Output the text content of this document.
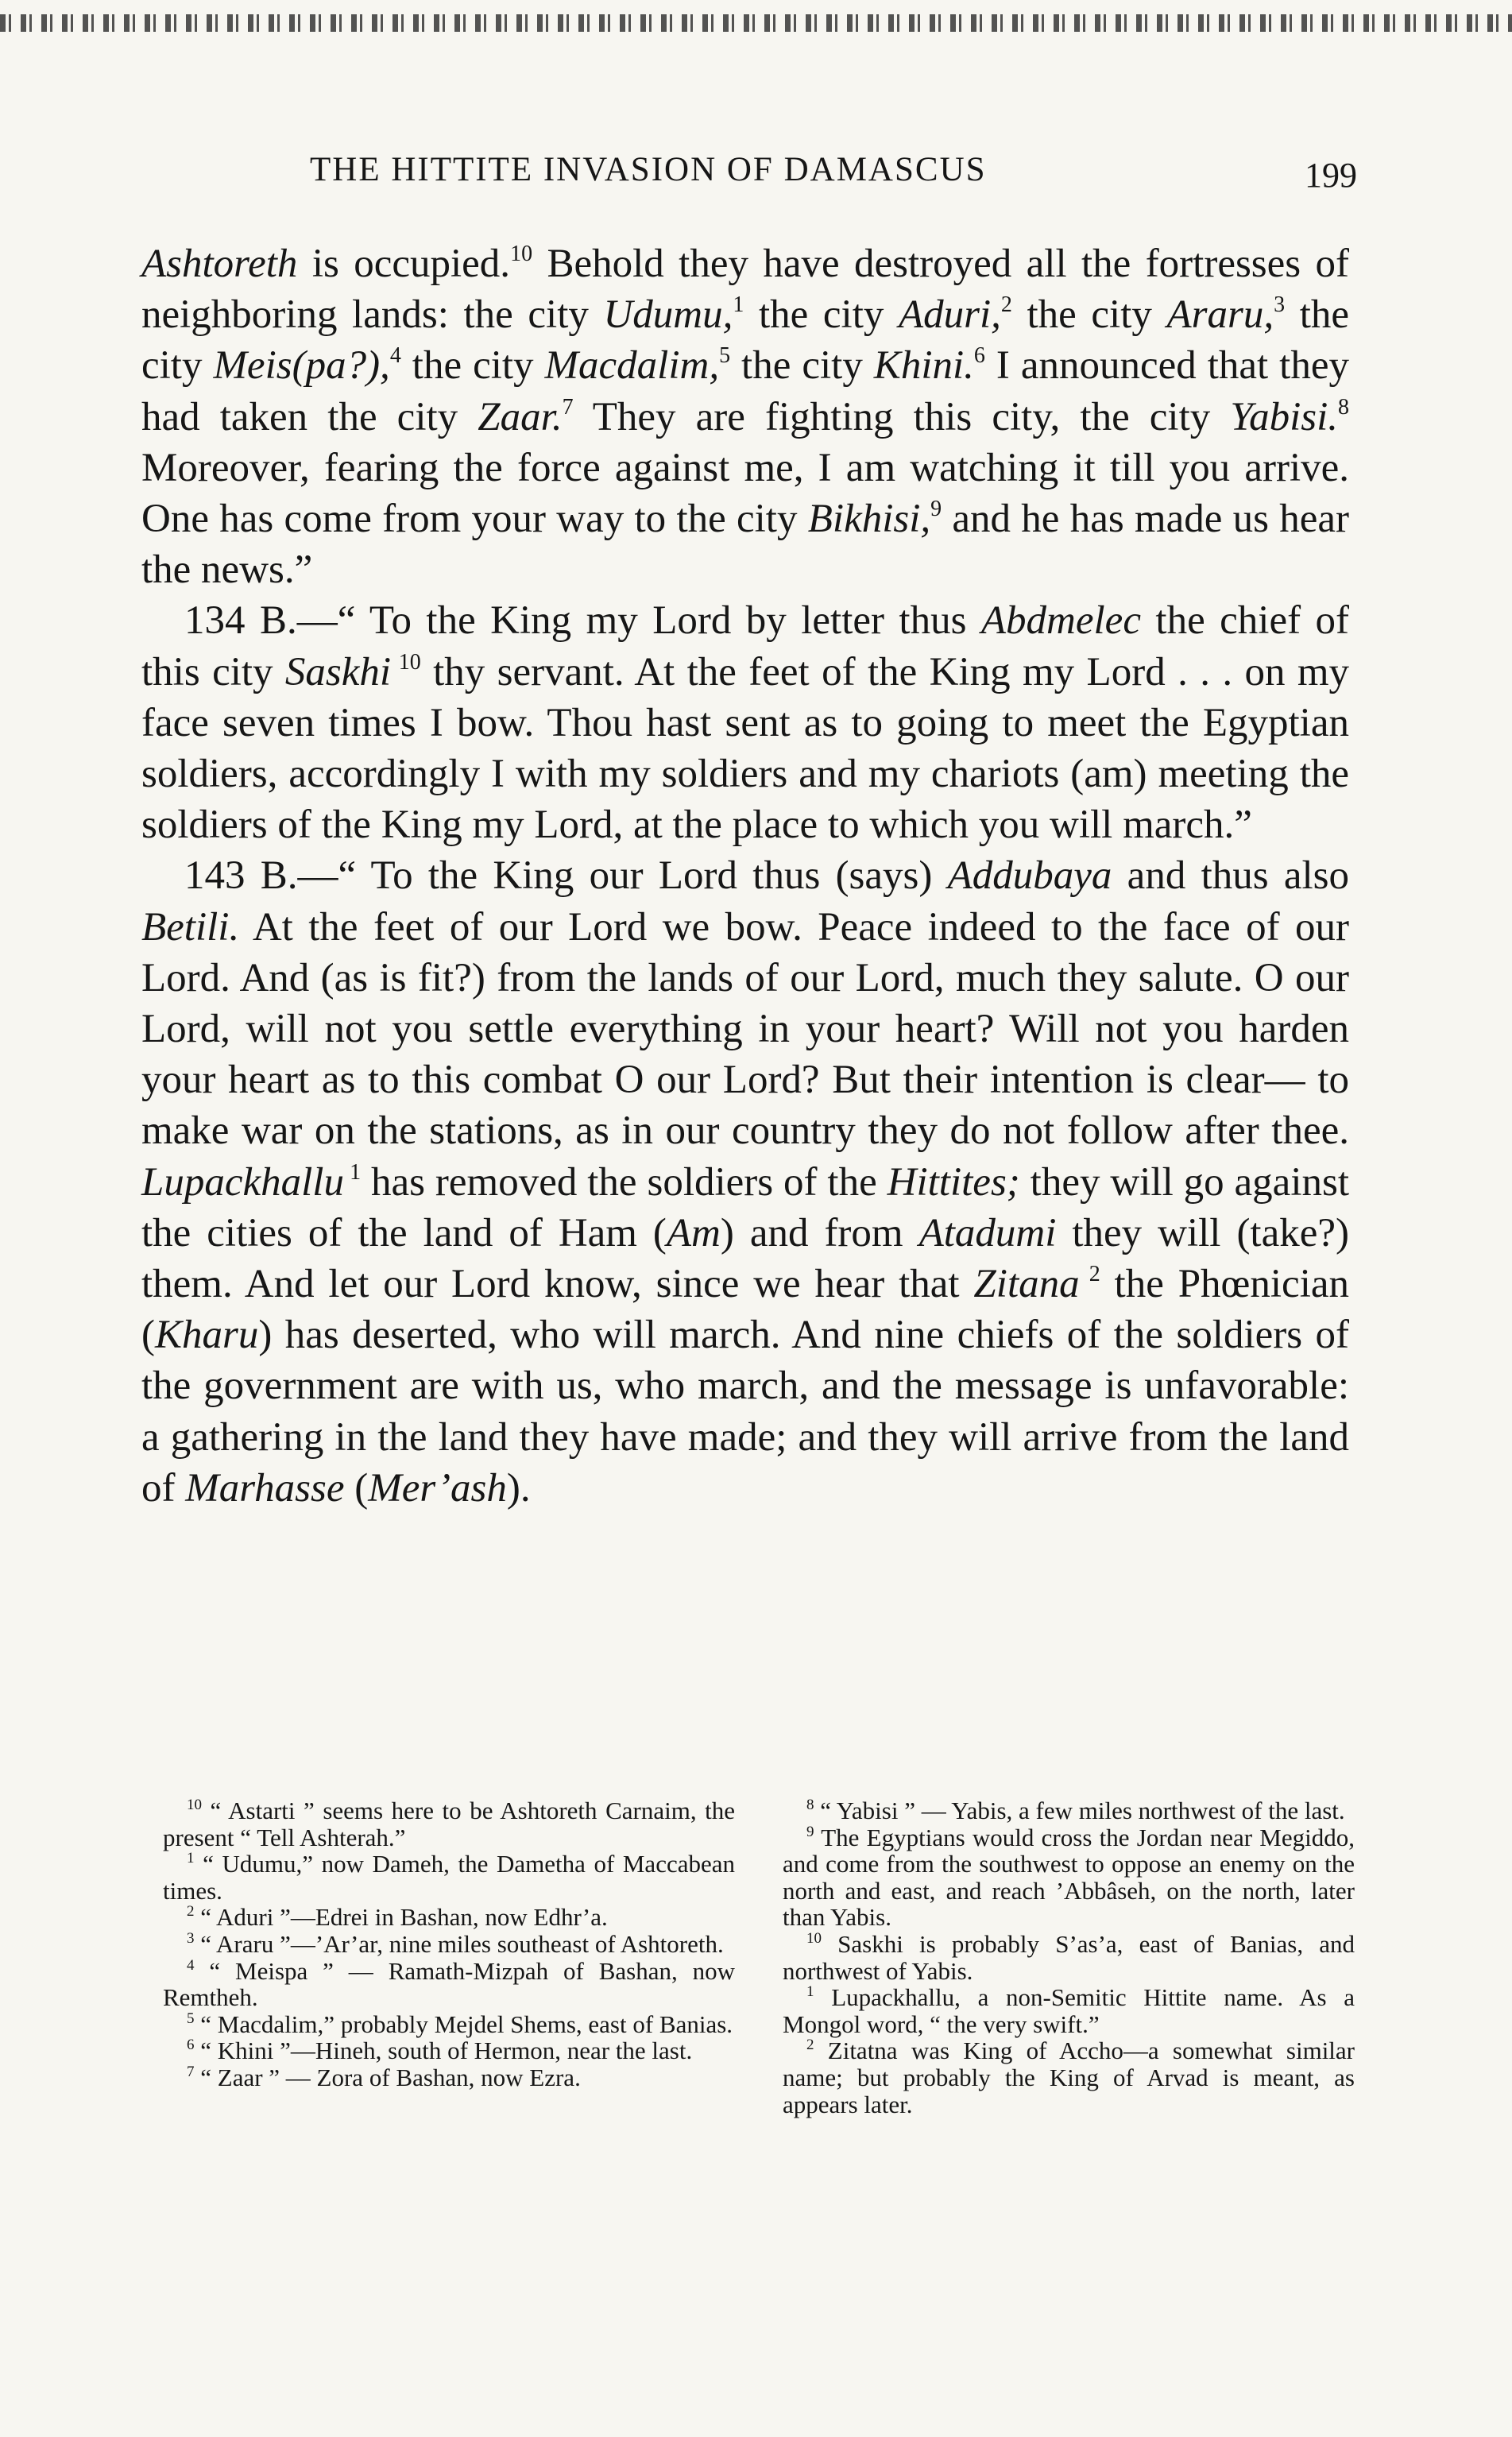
THE HITTITE INVASION OF DAMASCUS	199

Ashtoreth is occupied.$^{10}$ Behold they have destroyed all the fortresses of neighboring lands: the city Udumu,$^1$ the city Aduri,$^2$ the city Araru,$^3$ the city Meis(pa?),$^4$ the city Macdalim,$^5$ the city Khini.$^6$ I announced that they had taken the city Zaar.$^7$ They are fighting this city, the city Yabisi.$^8$ Moreover, fearing the force against me, I am watching it till you arrive. One has come from your way to the city Bikhisi,$^9$ and he has made us hear the news.”

134 B.—“ To the King my Lord by letter thus Abdmelec the chief of this city Saskhi $^{10}$ thy servant. At the feet of the King my Lord . . . on my face seven times I bow. Thou hast sent as to going to meet the Egyptian soldiers, accordingly I with my soldiers and my chariots (am) meeting the soldiers of the King my Lord, at the place to which you will march.”

143 B.—“ To the King our Lord thus (says) Addubaya and thus also Betili. At the feet of our Lord we bow. Peace indeed to the face of our Lord. And (as is fit?) from the lands of our Lord, much they salute. O our Lord, will not you settle everything in your heart? Will not you harden your heart as to this combat O our Lord? But their intention is clear— to make war on the stations, as in our country they do not follow after thee. Lupackhallu $^1$ has removed the soldiers of the Hittites; they will go against the cities of the land of Ham (Am) and from Atadumi they will (take?) them. And let our Lord know, since we hear that Zitana $^2$ the Phœnician (Kharu) has deserted, who will march. And nine chiefs of the soldiers of the government are with us, who march, and the message is unfavorable: a gathering in the land they have made; and they will arrive from the land of Marhasse (Mer’ash).

$^{10}$ “ Astarti ” seems here to be Ashtoreth Carnaim, the present “ Tell Ashterah.”

$^1$ “ Udumu,” now Dameh, the Dametha of Maccabean times.

$^2$ “ Aduri ”—Edrei in Bashan, now Edhr’a.

$^3$ “ Araru ”—’Ar’ar, nine miles southeast of Ashtoreth.

$^4$ “ Meispa ” — Ramath-Mizpah of Bashan, now Remtheh.

$^5$ “ Macdalim,” probably Mejdel Shems, east of Banias.

$^6$ “ Khini ”—Hineh, south of Hermon, near the last.

$^7$ “ Zaar ” — Zora of Bashan, now Ezra.

$^8$ “ Yabisi ” — Yabis, a few miles northwest of the last.

$^9$ The Egyptians would cross the Jordan near Megiddo, and come from the southwest to oppose an enemy on the north and east, and reach ’Abbâseh, on the north, later than Yabis.

$^{10}$ Saskhi is probably S’as’a, east of Banias, and northwest of Yabis.

$^1$ Lupackhallu, a non-Semitic Hittite name. As a Mongol word, “ the very swift.”

$^2$ Zitatna was King of Accho—a somewhat similar name; but probably the King of Arvad is meant, as appears later.
